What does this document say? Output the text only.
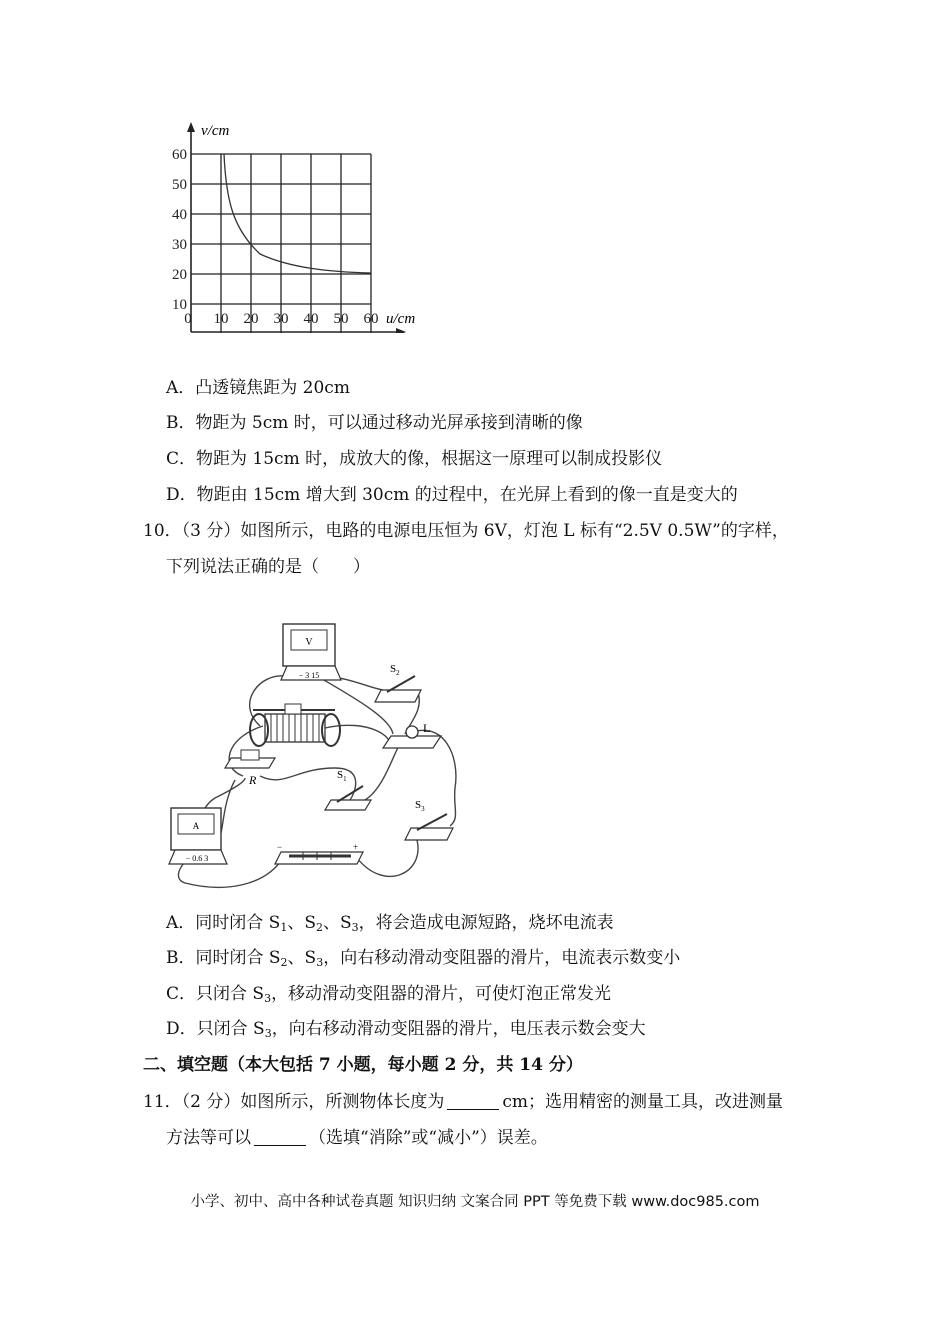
v/cm
u/cm
60
50
40
30
20
10
0 10 20 30 40 50 60
A．凸透镜焦距为 20cm
B．物距为 5cm 时，可以通过移动光屏承接到清晰的像
C．物距为 15cm 时，成放大的像，根据这一原理可以制成投影仪
D．物距由 15cm 增大到 30cm 的过程中，在光屏上看到的像一直是变大的
10．（3 分）如图所示，电路的电源电压恒为 6V，灯泡 L 标有“2.5V 0.5W”的字样，
下列说法正确的是（　　）
V
− 3 15
R	$S_1$
$S_2$
L
$S_3$
A
− 0.6 3
−	+
A．同时闭合 $S_1$、$S_2$、$S_3$，将会造成电源短路，烧坏电流表
B．同时闭合 $S_2$、$S_3$，向右移动滑动变阻器的滑片，电流表示数变小
C．只闭合 $S_3$，移动滑动变阻器的滑片，可使灯泡正常发光
D．只闭合 $S_3$，向右移动滑动变阻器的滑片，电压表示数会变大
二、填空题（本大包括 7 小题，每小题 2 分，共 14 分）
11．（2 分）如图所示，所测物体长度为	cm；选用精密的测量工具，改进测量
方法等可以	（选填“消除”或“减小”）误差。
小学、初中、高中各种试卷真题 知识归纳 文案合同 PPT 等免费下载 www.doc985.com
